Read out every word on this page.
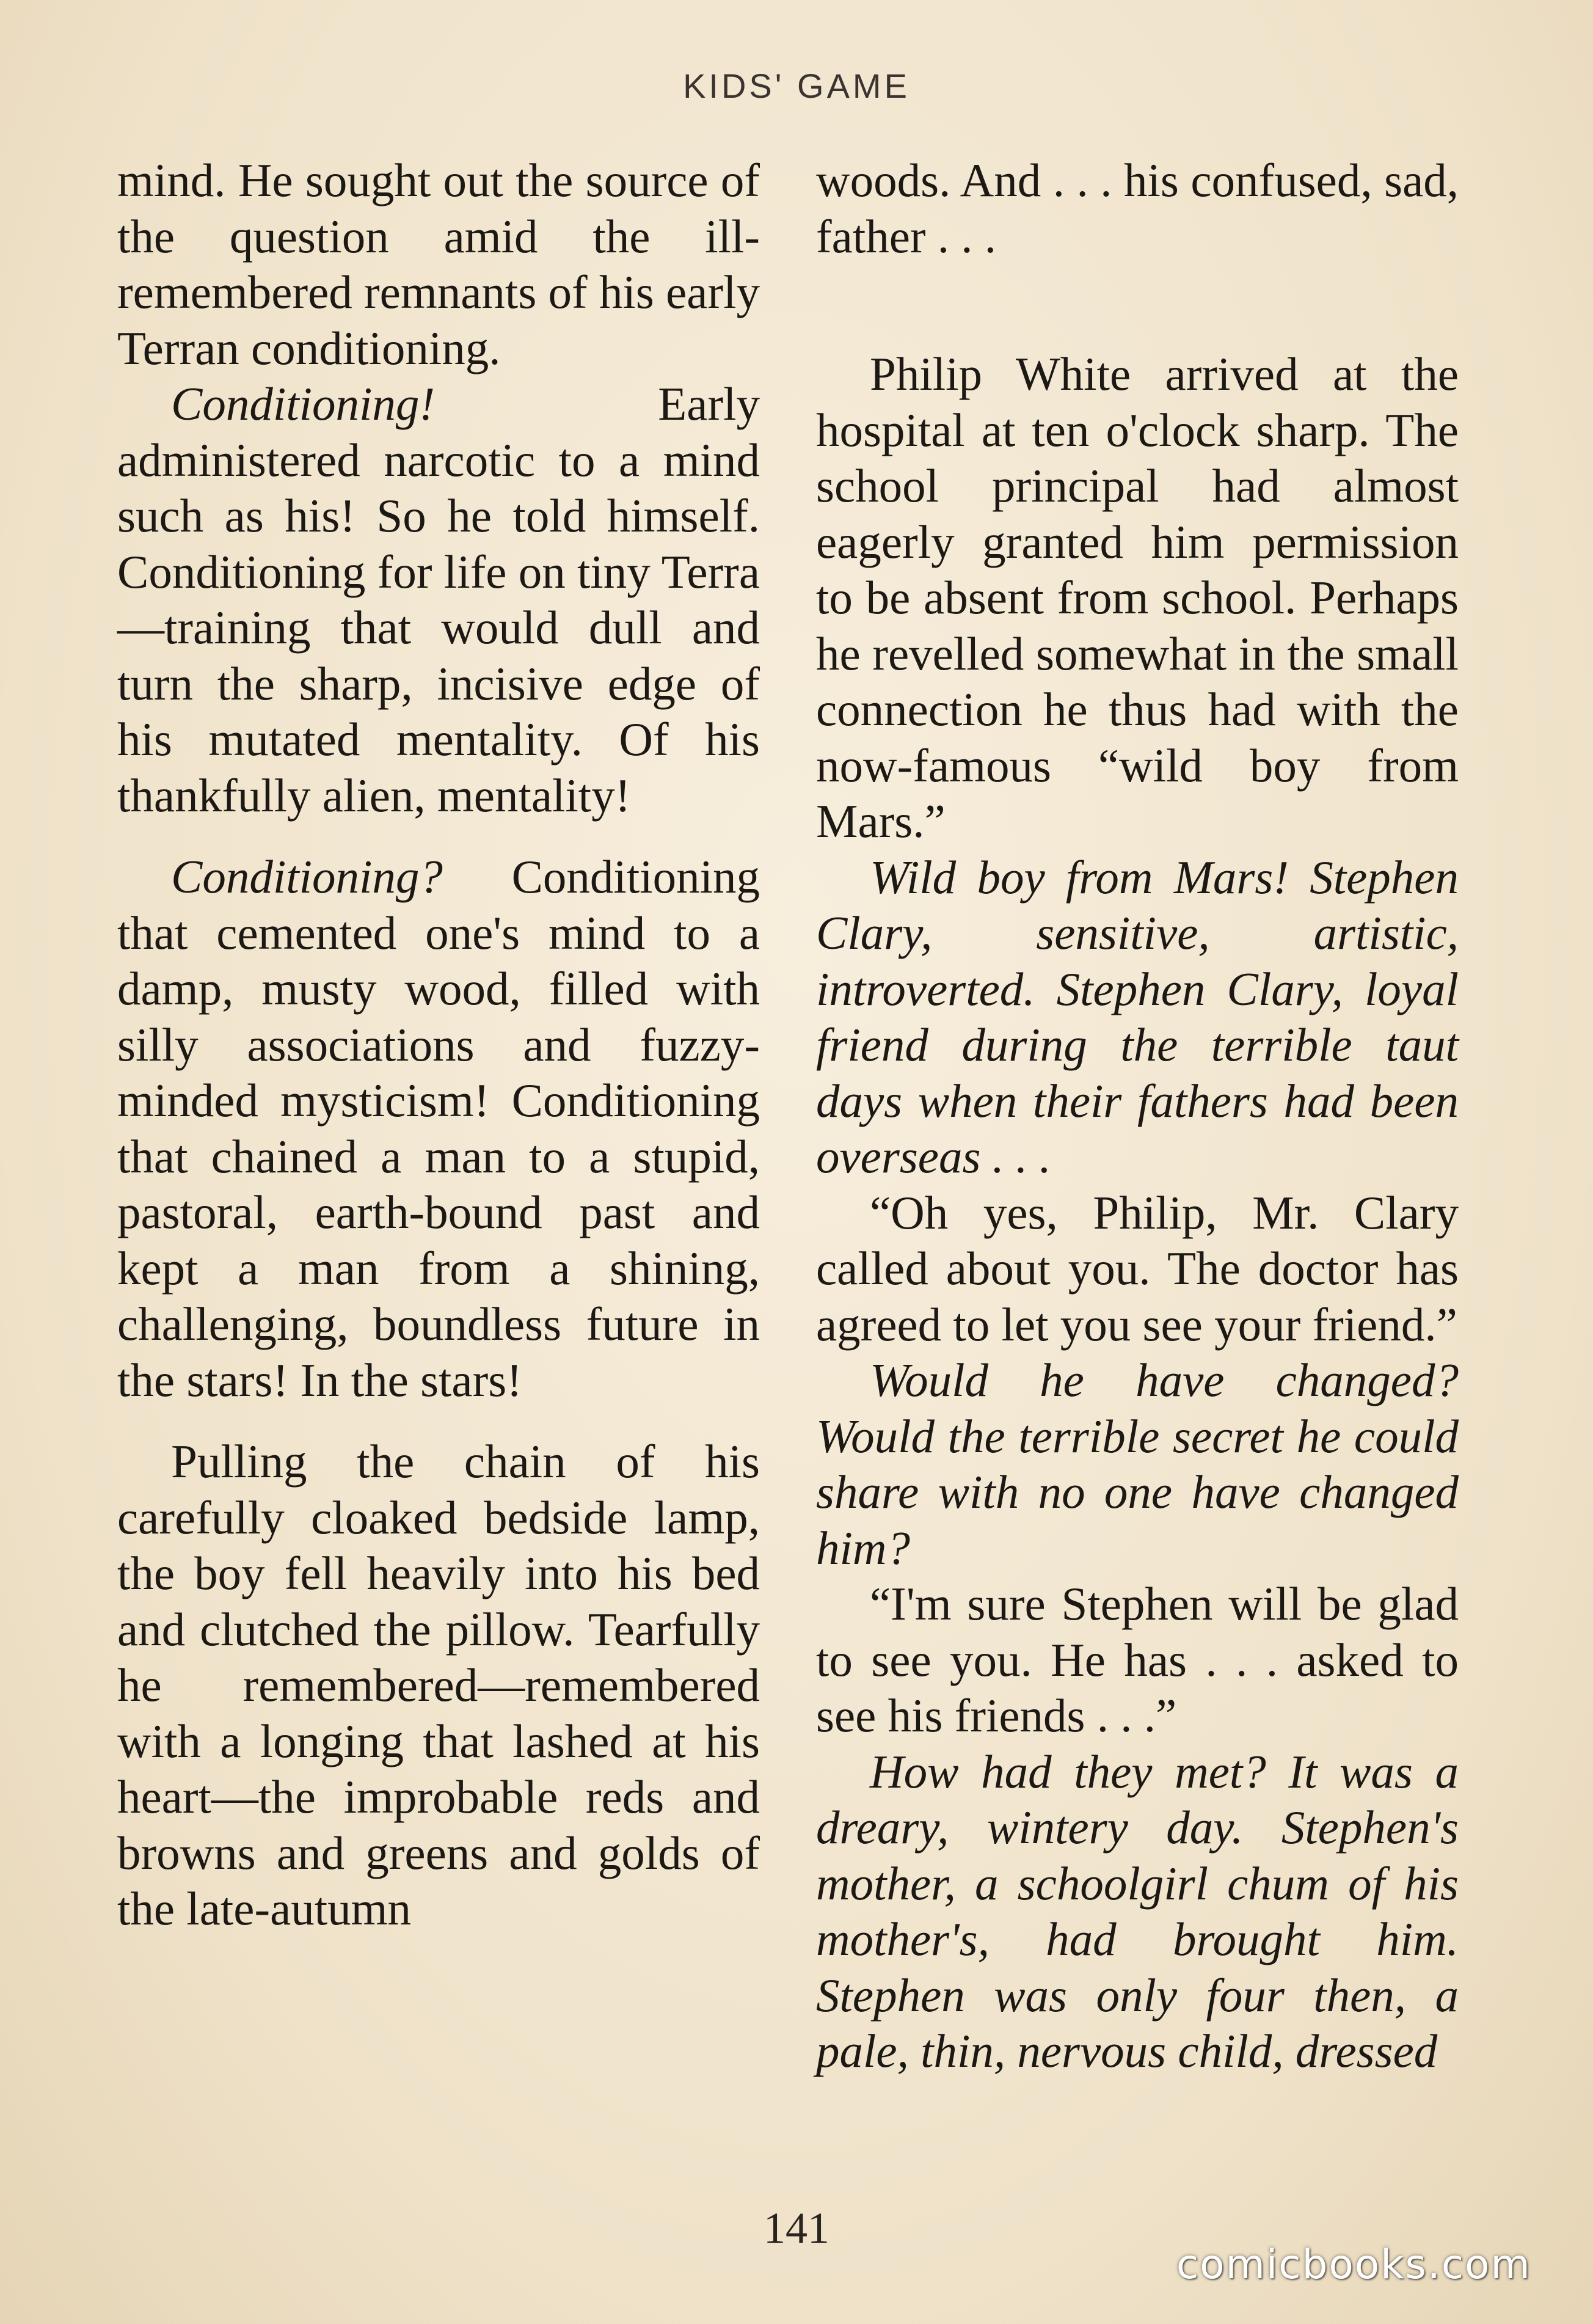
KIDS' GAME

mind. He sought out the source of the question amid the ill-remembered remnants of his early Terran conditioning.

Conditioning! Early administered narcotic to a mind such as his! So he told himself. Conditioning for life on tiny Terra—training that would dull and turn the sharp, incisive edge of his mutated mentality. Of his thankfully alien, mentality!

Conditioning? Conditioning that cemented one's mind to a damp, musty wood, filled with silly associations and fuzzy-minded mysticism! Conditioning that chained a man to a stupid, pastoral, earth-bound past and kept a man from a shining, challenging, boundless future in the stars! In the stars!

Pulling the chain of his carefully cloaked bedside lamp, the boy fell heavily into his bed and clutched the pillow. Tearfully he remembered—remembered with a longing that lashed at his heart—the improbable reds and browns and greens and golds of the late-autumn

woods. And . . . his confused, sad, father . . .

Philip White arrived at the hospital at ten o'clock sharp. The school principal had almost eagerly granted him permission to be absent from school. Perhaps he revelled somewhat in the small connection he thus had with the now-famous “wild boy from Mars.”

Wild boy from Mars! Stephen Clary, sensitive, artistic, introverted. Stephen Clary, loyal friend during the terrible taut days when their fathers had been overseas . . .

“Oh yes, Philip, Mr. Clary called about you. The doctor has agreed to let you see your friend.”

Would he have changed? Would the terrible secret he could share with no one have changed him?

“I'm sure Stephen will be glad to see you. He has . . . asked to see his friends . . .”

How had they met? It was a dreary, wintery day. Stephen's mother, a schoolgirl chum of his mother's, had brought him. Stephen was only four then, a pale, thin, nervous child, dressed

141
comicbooks.com
